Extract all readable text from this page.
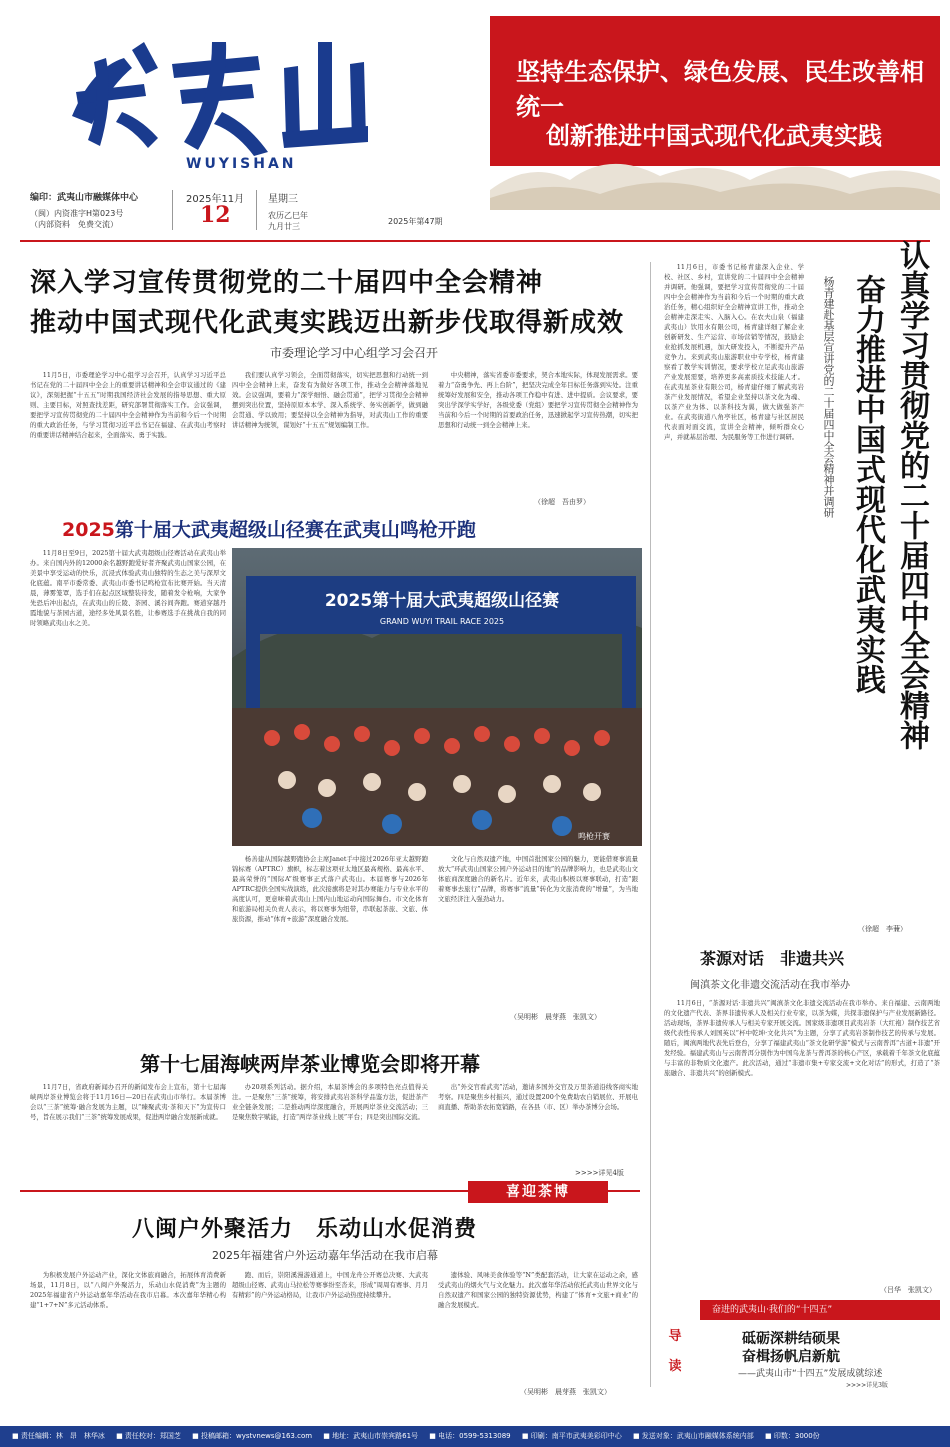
WUYISHAN
坚持生态保护、绿色发展、民生改善相统一
创新推进中国式现代化武夷实践
编印：武夷山市融媒体中心
（闽）内资准字H第023号
（内部资料　免费交流）
2025年11月
12
星期三
农历乙巳年
九月廿三
2025年第47期
深入学习宣传贯彻党的二十届四中全会精神
推动中国式现代化武夷实践迈出新步伐取得新成效
市委理论学习中心组学习会召开

11月5日，市委理论学习中心组学习会召开，认真学习习近平总书记在党的二十届四中全会上的重要讲话精神和全会审议通过的《建议》，深刻把握“十五五”时期我国经济社会发展的指导思想、重大原则、主要目标，对照查找差距，研究部署贯彻落实工作。会议强调，要把学习宣传贯彻党的二十届四中全会精神作为当前和今后一个时期的重大政治任务，与学习贯彻习近平总书记在福建、在武夷山考察时的重要讲话精神结合起来，全面落实、勇于实践。

我们要认真学习领会，全面贯彻落实，切实把思想和行动统一到四中全会精神上来，奋发有为做好各项工作，推动全会精神落地见效。会议强调，要着力“深学细悟、融会贯通”，把学习贯彻全会精神摆到突出位置，坚持原原本本学、深入系统学、务实创新学，做到融会贯通、学以致用；要坚持以全会精神为指导，对武夷山工作的重要讲话精神为统领，谋划好“十五五”规划编制工作。

中央精神，落实省委市委要求，契合本地实际，体现发展需求。要着力“奋勇争先、再上台阶”，把坚决完成全年目标任务落到实处。注重统筹好发展和安全，推动各项工作稳中有进、进中提质。会议要求，要突出学深学实学好，各级党委（党组）要把学习宣传贯彻全会精神作为当前和今后一个时期的首要政治任务，迅速掀起学习宣传热潮，切实把思想和行动统一到全会精神上来。

（徐超　吾由罗）
2025第十届大武夷超级山径赛在武夷山鸣枪开跑

11月8日至9日，2025第十届大武夷超级山径赛活动在武夷山举办。来自国内外的12000余名越野跑爱好者齐聚武夷山国家公园，在美景中享受运动的快乐，沉浸式体验武夷山独特的生态之美与深厚文化底蕴。南平市委常委、武夷山市委书记鸣枪宣布比赛开始。当天清晨，薄雾笼罩，选手们在起点区域整装待发，随着发令枪响，大家争先恐后冲出起点，在武夷山的丘陵、茶园、溪谷间奔跑。赛道穿越丹霞地貌与茶园古道，途经多处风景名胜，让参赛选手在挑战自我的同时领略武夷山水之美。

2025第十届大武夷超级山径赛
GRAND WUYI TRAIL RACE 2025
鸣枪开赛

杨善建从国际越野跑协会主席Janet手中接过2026年亚太越野跑锦标赛（APTRC）旗帜，标志着这项亚太地区最高规格、最高水平、最高荣誉的“国际A”级赛事正式落户武夷山。本届赛事与2026年APTRC提供全国实战演练，此次接旗将是对其办赛能力与专业水平的高度认可，更意味着武夷山上国内山地运动向国际舞台。市文化体育和旅游局相关负责人表示，将以赛事为纽带，串联起茶旅、文旅、体旅资源，推动“体育+旅游”深度融合发展。

文化与自然双遗产地，中国首批国家公园的魅力，更能借赛事流量放大“环武夷山国家公园户外运动目的地”的品牌影响力，也是武夷山文体旅商深度融合的新名片。近年来，武夷山积极以赛事联动，打造“跟着赛事去旅行”品牌，将赛事“流量”转化为文旅消费的“增量”，为当地文旅经济注入强劲动力。

（吴明彬　晨芽燕　张凯文）
第十七届海峡两岸茶业博览会即将开幕

11月7日，省政府新闻办召开的新闻发布会上宣布，第十七届海峡两岸茶业博览会将于11月16日—20日在武夷山市举行。本届茶博会以“三茶”统筹·融合发展为主题，以“臻聚武夷·茶和天下”为宣传口号，旨在展示我们“三茶”统筹发展成果，促进两岸融合发展新成就。

办20项系列活动。据介绍，本届茶博会的多项特色亮点值得关注。一是聚焦“三茶”统筹，将安排武夷岩茶科学品鉴方法，促进茶产业全链条发展；二是推动两岸深度融合，开展两岸茶业交流活动；三是聚焦数字赋能，打造“两岸茶业线上展”平台；四是突出国际交流。

出“外交官看武夷”活动，邀请多国外交官及万里茶道沿线客商实地考察。四是聚焦乡村振兴，通过设置200个免费助农自销展位、开展电商直播、帮助茶农拓宽销路，在各县（市、区）举办茶博分会场。

>>>>详见4版
喜迎茶博
八闽户外聚活力　乐动山水促消费
2025年福建省户外运动嘉年华活动在我市启幕

为积极发展户外运动产业，深化文体旅商融合，拓展体育消费新场景，11月8日，以“八闽户外聚活力，乐动山水促消费”为主题的2025年福建省户外运动嘉年华活动在我市启幕。本次嘉年华精心构建“1+7+N”多元活动体系。

跑、而后，崇阳溪漫游通道上，中国龙舟公开赛总决赛、大武夷超级山径赛、武夷山马拉松等赛事纷至沓来，形成“周周有赛事、月月有精彩”的户外运动格局，让我市户外运动热度持续攀升。

遗体验、风味美食体验等“N”类配套活动，让大家在运动之余，感受武夷山的烟火气与文化魅力。此次嘉年华活动依托武夷山世界文化与自然双遗产和国家公园的独特资源优势，构建了“体育+文旅+商业”的融合发展模式。

（吴明彬　晨芽燕　张凯文）
认真学习贯彻党的二十届四中全会精神
奋力推进中国式现代化武夷实践
杨青建赴基层宣讲党的二十届四中全会精神并调研

11月6日，市委书记杨青建深入企业、学校、社区、乡村，宣讲党的二十届四中全会精神并调研。他强调，要把学习宣传贯彻党的二十届四中全会精神作为当前和今后一个时期的重大政治任务，精心组织好全会精神宣讲工作，推动全会精神走深走实、入脑入心。在农夫山泉（福建武夷山）饮用水有限公司，杨青建详细了解企业创新研发、生产运营、市场营销等情况，鼓励企业抢抓发展机遇，加大研发投入，不断提升产品竞争力。来到武夷山旅游职业中专学校，杨青建察看了教学实训情况，要求学校立足武夷山旅游产业发展需要，培养更多高素质技术技能人才。在武夷星茶业有限公司，杨青建仔细了解武夷岩茶产业发展情况，希望企业坚持以茶文化为魂、以茶产业为体、以茶科技为翼，做大做强茶产业。在武夷街道八角亭社区，杨青建与社区居民代表面对面交流，宣讲全会精神，倾听群众心声，并就基层治理、为民服务等工作进行调研。

（徐超　李蒹）
茶源对话　非遗共兴
闽滇茶文化非遗交流活动在我市举办

11月6日，“茶源对话·非遗共兴”闽滇茶文化非遗交流活动在我市举办。来自福建、云南两地的文化遗产代表、茶界非遗传承人及相关行业专家，以茶为媒，共探非遗保护与产业发展新路径。活动现场，茶界非遗传承人与相关专家开展交流。国家级非遗项目武夷岩茶（大红袍）制作技艺省级代表性传承人刘国英以“杯中乾坤·文化共兴”为主题，分享了武夷岩茶制作技艺的传承与发展。随后，闽滇两地代表先后登台，分享了福建武夷山“茶文化研学游”模式与云南普洱“古道+非遗”开发经验。福建武夷山与云南普洱分别作为中国乌龙茶与普洱茶的核心产区，承载着千年茶文化底蕴与丰富的非物质文化遗产。此次活动，通过“非遗市集+专家交流+文化对话”的形式，打造了“茶旅融合、非遗共兴”的创新模式。

（吕华　张凯文）
奋进的武夷山·我们的“十四五”
导
读
砥砺深耕结硕果
奋楫扬帆启新航
——武夷山市“十四五”发展成就综述
>>>>详见3版
■ 责任编辑：林　昂　林华冰 ■ 责任校对：郑国芝 ■ 投稿邮箱：wystvnews@163.com ■ 地址：武夷山市崇宾路61号 ■ 电话：0599-5313089 ■ 印刷：南平市武夷美彩印中心 ■ 发送对象：武夷山市融媒体系统内部 ■ 印数：3000份
